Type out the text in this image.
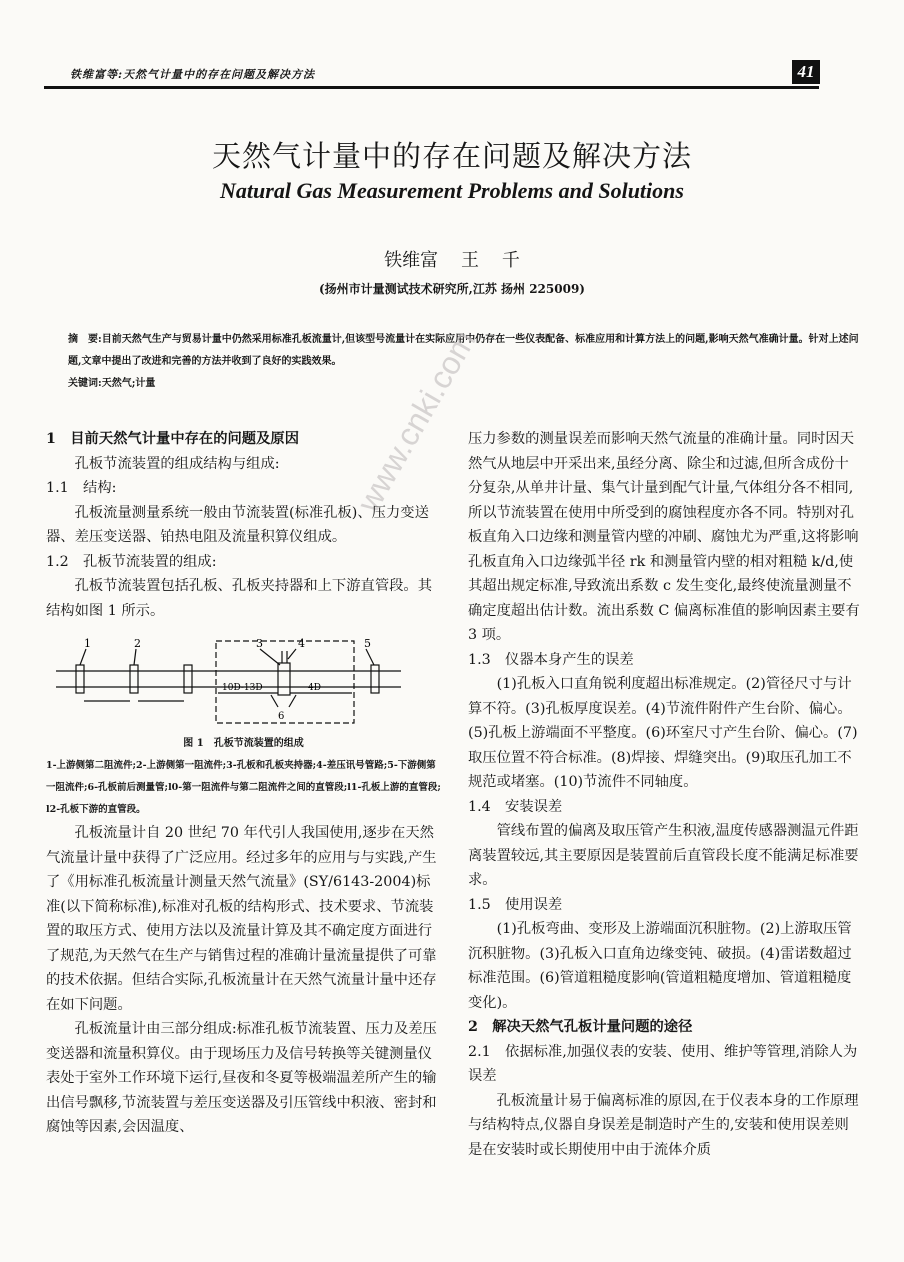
铁维富等:天然气计量中的存在问题及解决方法	41
天然气计量中的存在问题及解决方法
Natural Gas Measurement Problems and Solutions
铁维富    王    千
(扬州市计量测试技术研究所,江苏 扬州 225009)
摘　要:目前天然气生产与贸易计量中仍然采用标准孔板流量计,但该型号流量计在实际应用中仍存在一些仪表配备、标准应用和计算方法上的问题,影响天然气准确计量。针对上述问题,文章中提出了改进和完善的方法并收到了良好的实践效果。
关键词:天然气;计量	www.cnki.com

1　目前天然气计量中存在的问题及原因

孔板节流装置的组成结构与组成:

1.1　结构:

孔板流量测量系统一般由节流装置(标准孔板)、压力变送器、差压变送器、铂热电阻及流量积算仪组成。

1.2　孔板节流装置的组成:

孔板节流装置包括孔板、孔板夹持器和上下游直管段。其结构如图 1 所示。

1	2	3	4	5
6
10D-13D	4D
图 1　孔板节流装置的组成
1-上游侧第二阻流件;2-上游侧第一阻流件;3-孔板和孔板夹持器;4-差压讯号管路;5-下游侧第一阻流件;6-孔板前后测量管;l0-第一阻流件与第二阻流件之间的直管段;l1-孔板上游的直管段;l2-孔板下游的直管段。

孔板流量计自 20 世纪 70 年代引人我国使用,逐步在天然气流量计量中获得了广泛应用。经过多年的应用与与实践,产生了《用标准孔板流量计测量天然气流量》(SY/6143-2004)标准(以下简称标准),标准对孔板的结构形式、技术要求、节流装置的取压方式、使用方法以及流量计算及其不确定度方面进行了规范,为天然气在生产与销售过程的准确计量流量提供了可靠的技术依据。但结合实际,孔板流量计在天然气流量计量中还存在如下问题。

孔板流量计由三部分组成:标准孔板节流装置、压力及差压变送器和流量积算仪。由于现场压力及信号转换等关键测量仪表处于室外工作环境下运行,昼夜和冬夏等极端温差所产生的输出信号飘移,节流装置与差压变送器及引压管线中积液、密封和腐蚀等因素,会因温度、

压力参数的测量误差而影响天然气流量的准确计量。同时因天然气从地层中开采出来,虽经分离、除尘和过滤,但所含成份十分复杂,从单井计量、集气计量到配气计量,气体组分各不相同,所以节流装置在使用中所受到的腐蚀程度亦各不同。特别对孔板直角入口边缘和测量管内壁的冲刷、腐蚀尤为严重,这将影响孔板直角入口边缘弧半径 rk 和测量管内壁的相对粗糙 k/d,使其超出规定标准,导致流出系数 c 发生变化,最终使流量测量不确定度超出估计数。流出系数 C 偏离标准值的影响因素主要有 3 项。

1.3　仪器本身产生的误差

(1)孔板入口直角锐利度超出标准规定。(2)管径尺寸与计算不符。(3)孔板厚度误差。(4)节流件附件产生台阶、偏心。(5)孔板上游端面不平整度。(6)环室尺寸产生台阶、偏心。(7)取压位置不符合标准。(8)焊接、焊缝突出。(9)取压孔加工不规范或堵塞。(10)节流件不同轴度。

1.4　安装误差

管线布置的偏离及取压管产生积液,温度传感器测温元件距离装置较远,其主要原因是装置前后直管段长度不能满足标准要求。

1.5　使用误差

(1)孔板弯曲、变形及上游端面沉积脏物。(2)上游取压管沉积脏物。(3)孔板入口直角边缘变钝、破损。(4)雷诺数超过标准范围。(6)管道粗糙度影响(管道粗糙度增加、管道粗糙度变化)。

2　解决天然气孔板计量问题的途径

2.1　依据标准,加强仪表的安装、使用、维护等管理,消除人为误差

孔板流量计易于偏离标准的原因,在于仪表本身的工作原理与结构特点,仪器自身误差是制造时产生的,安装和使用误差则是在安装时或长期使用中由于流体介质
